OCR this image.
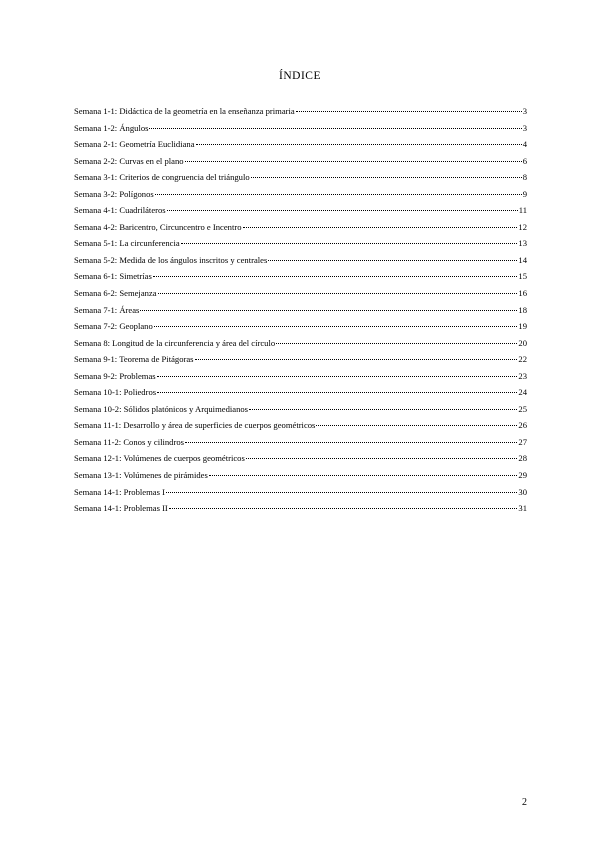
ÍNDICE
Semana 1-1: Didáctica de la geometría en la enseñanza primaria	3
Semana 1-2: Ángulos	3
Semana 2-1: Geometría Euclidiana	4
Semana 2-2: Curvas en el plano	6
Semana 3-1: Criterios de congruencia del triángulo	8
Semana 3-2: Polígonos	9
Semana 4-1: Cuadriláteros	11
Semana 4-2: Baricentro, Circuncentro e Incentro	12
Semana 5-1: La circunferencia	13
Semana 5-2: Medida de los ángulos inscritos y centrales	14
Semana 6-1: Simetrías	15
Semana 6-2: Semejanza	16
Semana 7-1: Áreas	18
Semana 7-2: Geoplano	19
Semana 8: Longitud de la circunferencia y área del círculo	20
Semana 9-1: Teorema de Pitágoras	22
Semana 9-2: Problemas	23
Semana 10-1: Poliedros	24
Semana 10-2: Sólidos platónicos y Arquimedianos	25
Semana 11-1: Desarrollo y área de superficies de cuerpos geométricos	26
Semana 11-2: Conos y cilindros	27
Semana 12-1: Volúmenes de cuerpos geométricos	28
Semana 13-1: Volúmenes de pirámides	29
Semana 14-1: Problemas I	30
Semana 14-1: Problemas II	31
2
